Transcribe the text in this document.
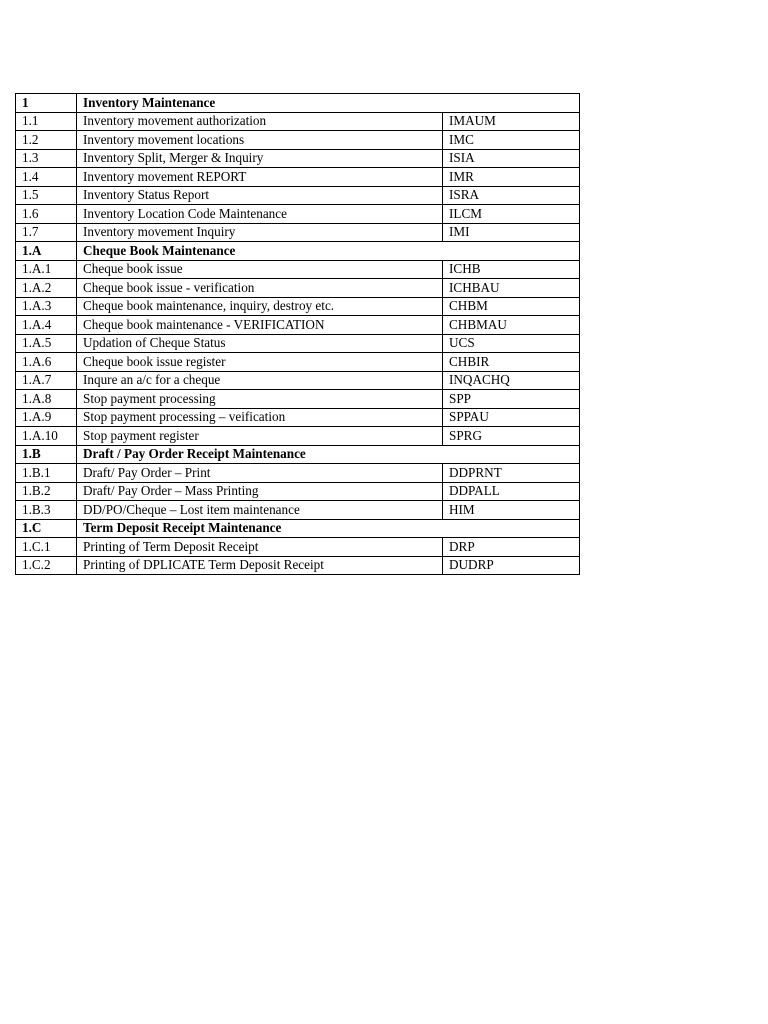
1	Inventory Maintenance	
1.1	Inventory movement authorization	IMAUM
1.2	Inventory movement locations	IMC
1.3	Inventory Split, Merger & Inquiry	ISIA
1.4	Inventory movement REPORT	IMR
1.5	Inventory Status Report	ISRA
1.6	Inventory Location Code Maintenance	ILCM
1.7	Inventory movement Inquiry	IMI
1.A	Cheque Book Maintenance	
1.A.1	Cheque book issue	ICHB
1.A.2	Cheque book issue - verification	ICHBAU
1.A.3	Cheque book maintenance, inquiry, destroy etc.	CHBM
1.A.4	Cheque book maintenance - VERIFICATION	CHBMAU
1.A.5	Updation of Cheque Status	UCS
1.A.6	Cheque book issue register	CHBIR
1.A.7	Inqure an a/c for a cheque	INQACHQ
1.A.8	Stop payment processing	SPP
1.A.9	Stop payment processing – veification	SPPAU
1.A.10	Stop payment register	SPRG
1.B	Draft / Pay Order Receipt Maintenance	
1.B.1	Draft/ Pay Order – Print	DDPRNT
1.B.2	Draft/ Pay Order – Mass Printing	DDPALL
1.B.3	DD/PO/Cheque – Lost item maintenance	HIM
1.C	Term Deposit Receipt Maintenance	
1.C.1	Printing of Term Deposit Receipt	DRP
1.C.2	Printing of DPLICATE Term Deposit Receipt	DUDRP
